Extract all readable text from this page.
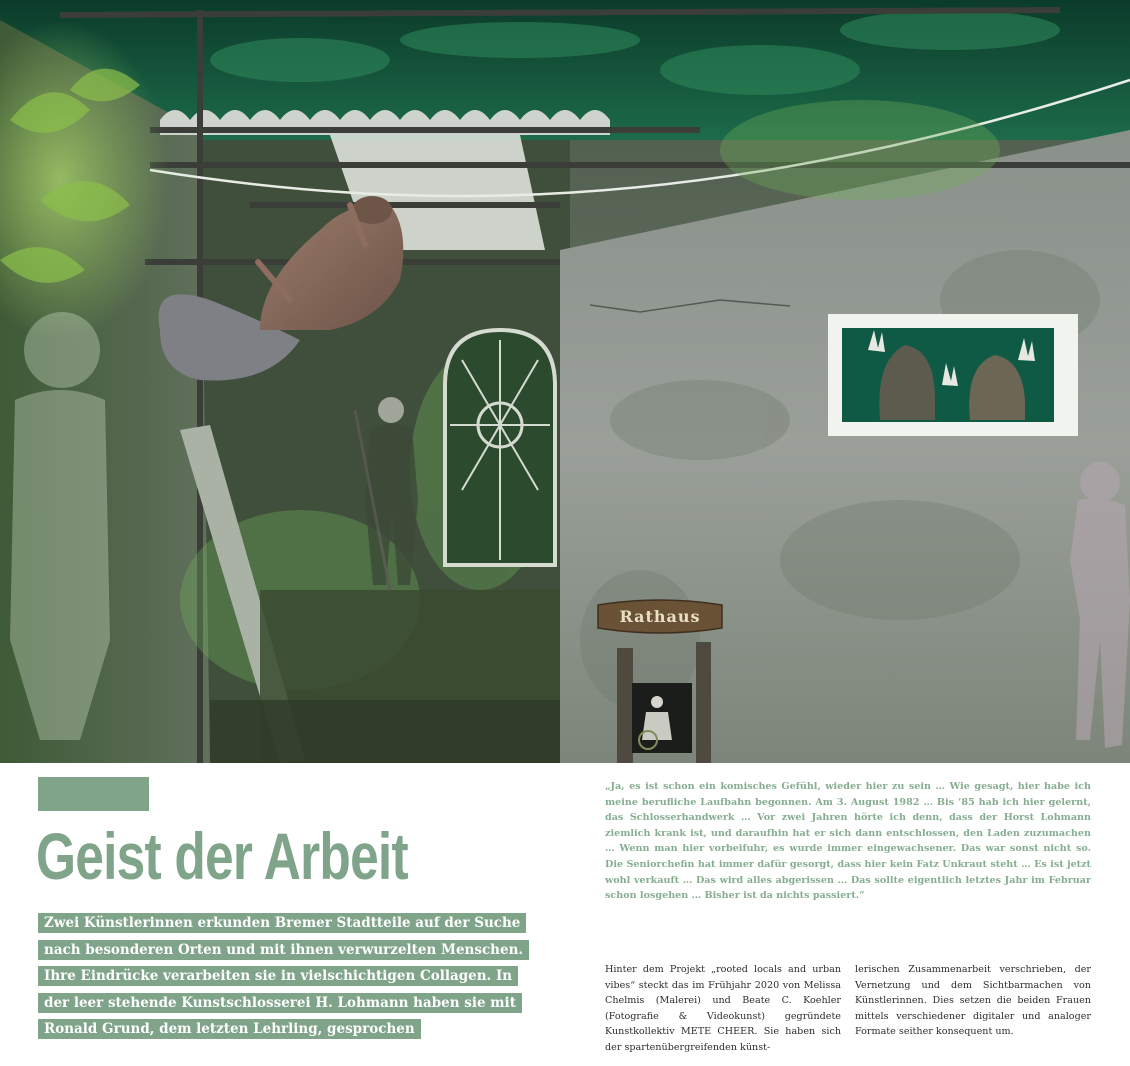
Rathaus
Geist der Arbeit
Zwei Künstlerinnen erkunden Bremer Stadtteile auf der Suche
nach besonderen Orten und mit ihnen verwurzelten Menschen.
Ihre Eindrücke verarbeiten sie in vielschichtigen Collagen. In
der leer stehende Kunstschlosserei H. Lohmann haben sie mit
Ronald Grund, dem letzten Lehrling, gesprochen

„Ja, es ist schon ein komisches Gefühl, wieder hier zu sein … Wie gesagt, hier habe ich meine berufliche Laufbahn begonnen. Am 3. August 1982 … Bis ’85 hab ich hier gelernt, das Schlosserhandwerk … Vor zwei Jahren hörte ich denn, dass der Horst Lohmann ziemlich krank ist, und daraufhin hat er sich dann entschlossen, den Laden zuzumachen … Wenn man hier vorbeifuhr, es wurde immer eingewachsener. Das war sonst nicht so. Die Seniorchefin hat immer dafür gesorgt, dass hier kein Fatz Unkraut steht … Es ist jetzt wohl verkauft … Das wird alles abgerissen … Das sollte eigentlich letztes Jahr im Februar schon losgehen … Bisher ist da nichts passiert.“

Hinter dem Projekt „rooted locals and urban vibes“ steckt das im Frühjahr 2020 von Melissa Chelmis (Malerei) und Beate C. Koehler (Fotografie & Videokunst) gegründete Kunstkollektiv METE CHEER. Sie haben sich der spartenübergreifenden künst-

lerischen Zusammenarbeit verschrieben, der Vernetzung und dem Sichtbarmachen von Künstlerinnen. Dies setzen die beiden Frauen mittels verschiedener digitaler und analoger Formate seither konsequent um.
